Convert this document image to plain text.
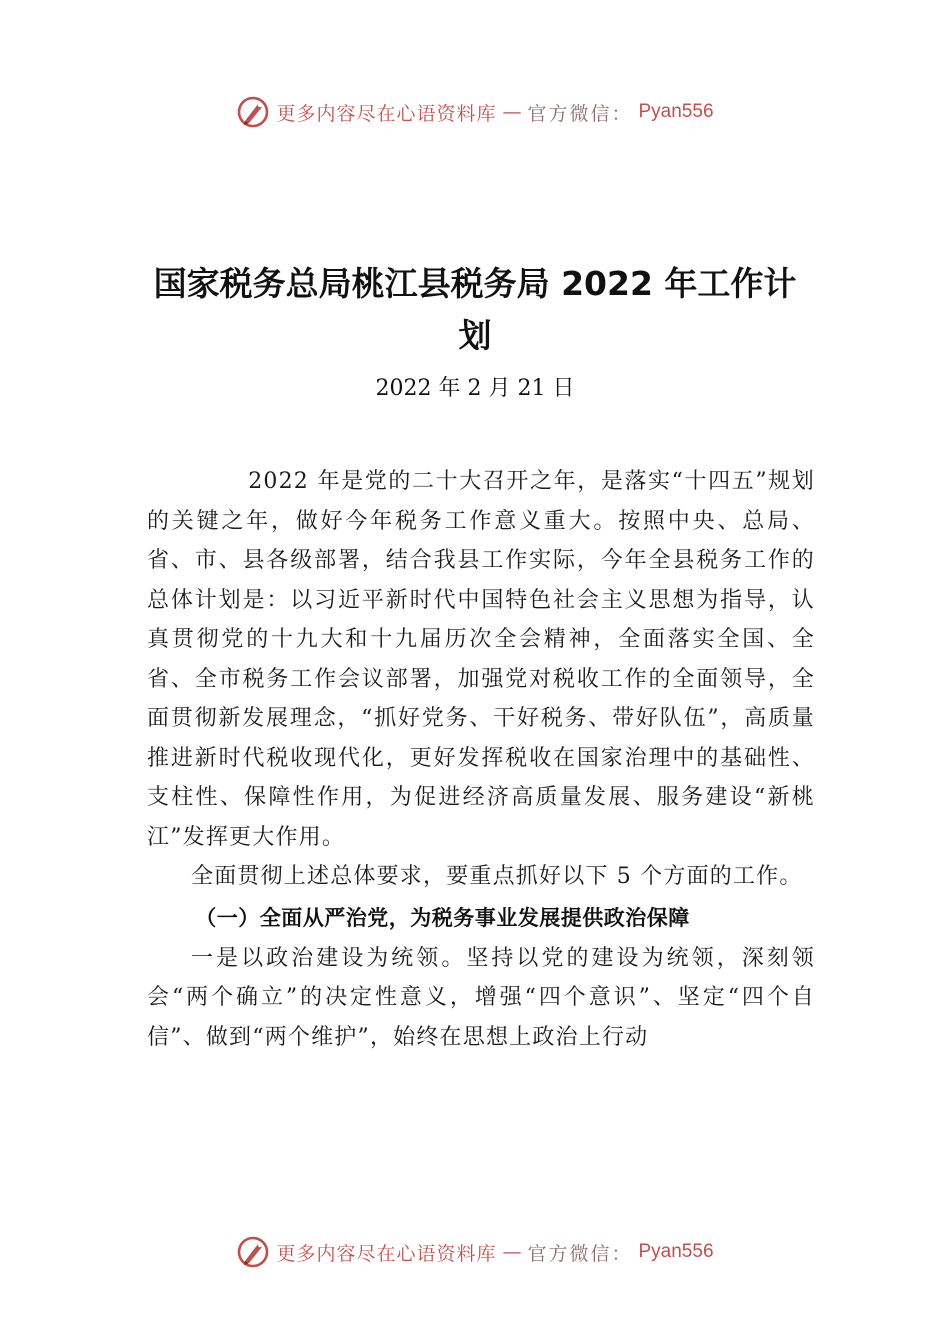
更多内容尽在心语资料库 — 官方微信： Pyan556
国家税务总局桃江县税务局 2022 年工作计划
2022 年 2 月 21 日

2022 年是党的二十大召开之年，是落实“十四五”规划的关键之年，做好今年税务工作意义重大。按照中央、总局、省、市、县各级部署，结合我县工作实际，今年全县税务工作的总体计划是：以习近平新时代中国特色社会主义思想为指导，认真贯彻党的十九大和十九届历次全会精神，全面落实全国、全省、全市税务工作会议部署，加强党对税收工作的全面领导，全面贯彻新发展理念，“抓好党务、干好税务、带好队伍”，高质量推进新时代税收现代化，更好发挥税收在国家治理中的基础性、支柱性、保障性作用，为促进经济高质量发展、服务建设“新桃江”发挥更大作用。

全面贯彻上述总体要求，要重点抓好以下 5 个方面的工作。

（一）全面从严治党，为税务事业发展提供政治保障

一是以政治建设为统领。坚持以党的建设为统领，深刻领会“两个确立”的决定性意义，增强“四个意识”、坚定“四个自信”、做到“两个维护”，始终在思想上政治上行动

更多内容尽在心语资料库 — 官方微信： Pyan556
